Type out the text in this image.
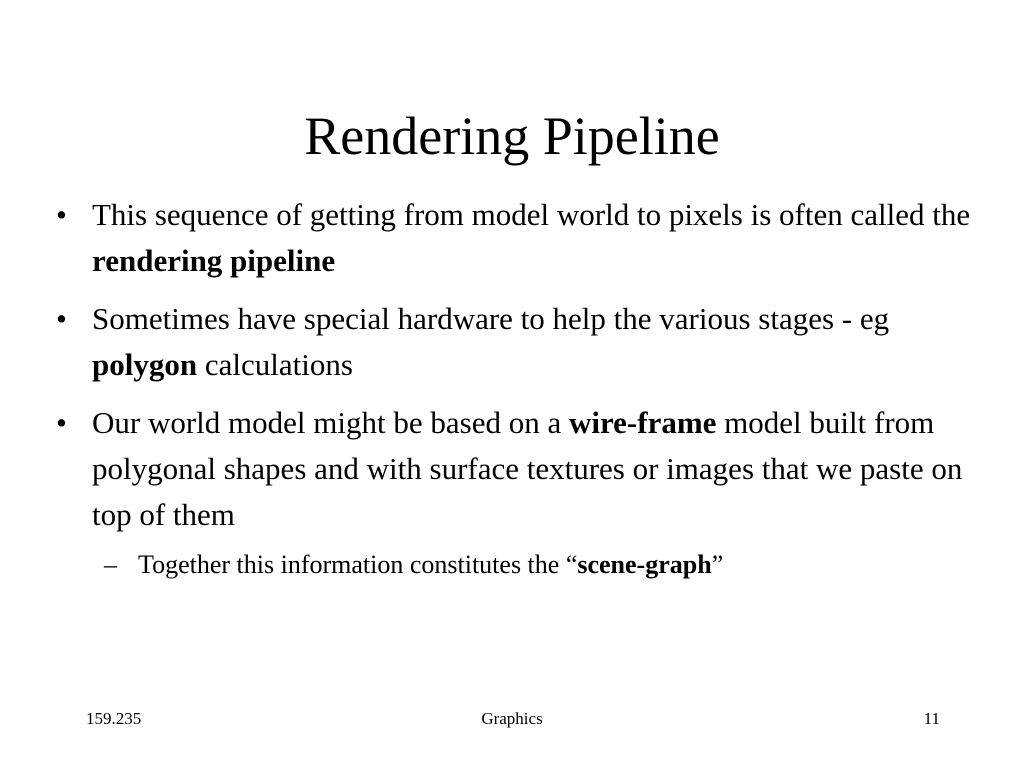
Rendering Pipeline
• This sequence of getting from model world to pixels is often called the rendering pipeline
• Sometimes have special hardware to help the various stages - eg polygon calculations
• Our world model might be based on a wire-frame model built from polygonal shapes and with surface textures or images that we paste on top of them
– Together this information constitutes the “scene-graph”
159.235	Graphics	11
